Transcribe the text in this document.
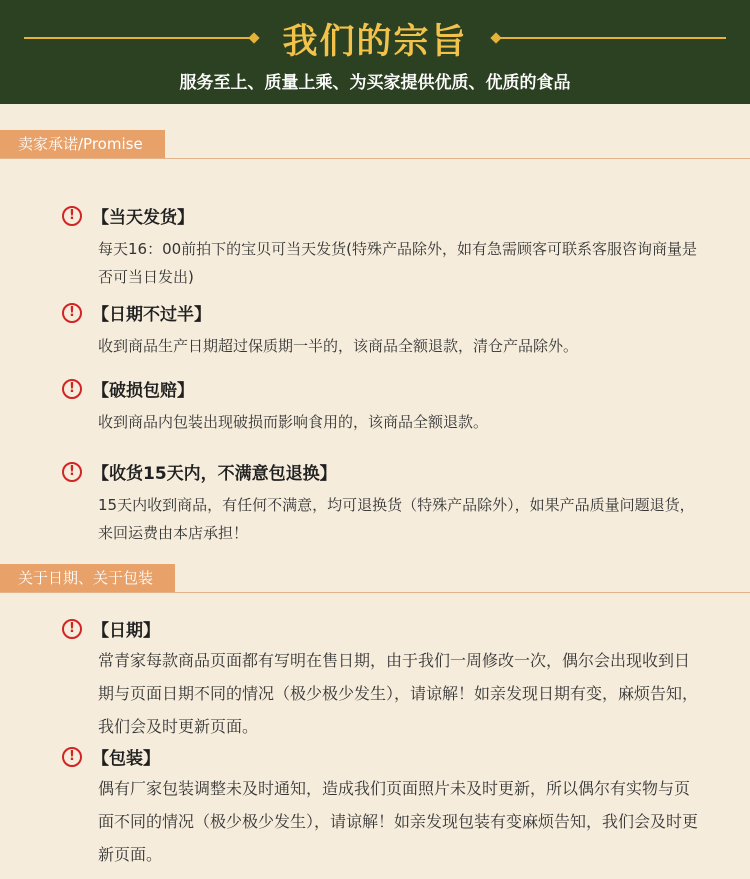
我们的宗旨
服务至上、质量上乘、为买家提供优质、优质的食品
卖家承诺/Promise
!	【当天发货】
每天16：00前拍下的宝贝可当天发货(特殊产品除外，如有急需顾客可联系客服咨询商量是否可当日发出)
!	【日期不过半】
收到商品生产日期超过保质期一半的，该商品全额退款，清仓产品除外。
!	【破损包赔】
收到商品内包装出现破损而影响食用的，该商品全额退款。
!	【收货15天内，不满意包退换】
15天内收到商品，有任何不满意，均可退换货（特殊产品除外），如果产品质量问题退货，来回运费由本店承担！
关于日期、关于包装
!	【日期】
常青家每款商品页面都有写明在售日期，由于我们一周修改一次，偶尔会出现收到日期与页面日期不同的情况（极少极少发生），请谅解！如亲发现日期有变，麻烦告知，我们会及时更新页面。
!	【包装】
偶有厂家包装调整未及时通知，造成我们页面照片未及时更新，所以偶尔有实物与页面不同的情况（极少极少发生），请谅解！如亲发现包装有变麻烦告知，我们会及时更新页面。
